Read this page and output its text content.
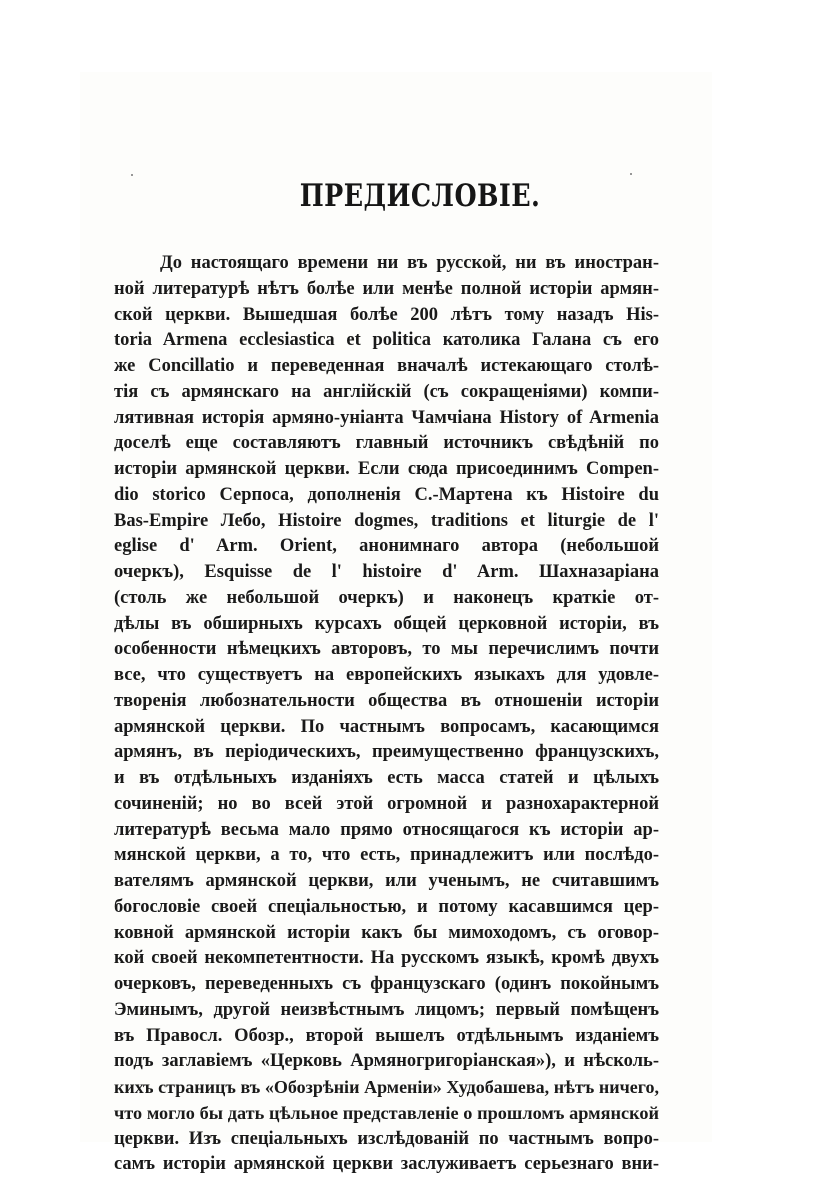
ПРЕДИСЛОВIЕ.
До настоящаго времени ни въ русской, ни въ иностран-
ной литературѣ нѣтъ болѣе или менѣе полной исторiи армян-
ской церкви. Вышедшая болѣе 200 лѣтъ тому назадъ His-
toria Armena ecclesiastica et politica католика Галана съ его
же Concillatio и переведенная вначалѣ истекающаго столѣ-
тiя съ армянскаго на англiйскiй (съ сокращенiями) компи-
лятивная исторiя армяно-унiанта Чамчiана History of Armenia
доселѣ еще составляютъ главный источникъ свѣдѣнiй по
исторiи армянской церкви. Если сюда присоединимъ Compen-
dio storico Серпоса, дополненiя С.-Мартена къ Histoire du
Bas-Empire Лебо, Histoire dogmes, traditions et liturgie de l'
eglise d' Arm. Orient, анонимнаго автора (небольшой
очеркъ), Esquisse de l' histoire d' Arm. Шахназарiана
(столь же небольшой очеркъ) и наконецъ краткiе от-
дѣлы въ обширныхъ курсахъ общей церковной исторiи, въ
особенности нѣмецкихъ авторовъ, то мы перечислимъ почти
все, что существуетъ на европейскихъ языкахъ для удовле-
творенiя любознательности общества въ отношенiи исторiи
армянской церкви. По частнымъ вопросамъ, касающимся
армянъ, въ перiодическихъ, преимущественно французскихъ,
и въ отдѣльныхъ изданiяхъ есть масса статей и цѣлыхъ
сочиненiй; но во всей этой огромной и разнохарактерной
литературѣ весьма мало прямо относящагося къ исторiи ар-
мянской церкви, а то, что есть, принадлежитъ или послѣдо-
вателямъ армянской церкви, или ученымъ, не считавшимъ
богословiе своей спецiальностью, и потому касавшимся цер-
ковной армянской исторiи какъ бы мимоходомъ, съ оговор-
кой своей некомпетентности. На русскомъ языкѣ, кромѣ двухъ
очерковъ, переведенныхъ съ французскаго (одинъ покойнымъ
Эминымъ, другой неизвѣстнымъ лицомъ; первый помѣщенъ
въ Правосл. Обозр., второй вышелъ отдѣльнымъ изданiемъ
подъ заглавiемъ «Церковь Армяногригорiанская»), и нѣсколь-
кихъ страницъ въ «Обозрѣнiи Арменiи» Худобашева, нѣтъ ничего,
что могло бы дать цѣльное представленiе о прошломъ армянской
церкви. Изъ спецiальныхъ изслѣдованiй по частнымъ вопро-
самъ исторiи армянской церкви заслуживаетъ серьезнаго вни-
